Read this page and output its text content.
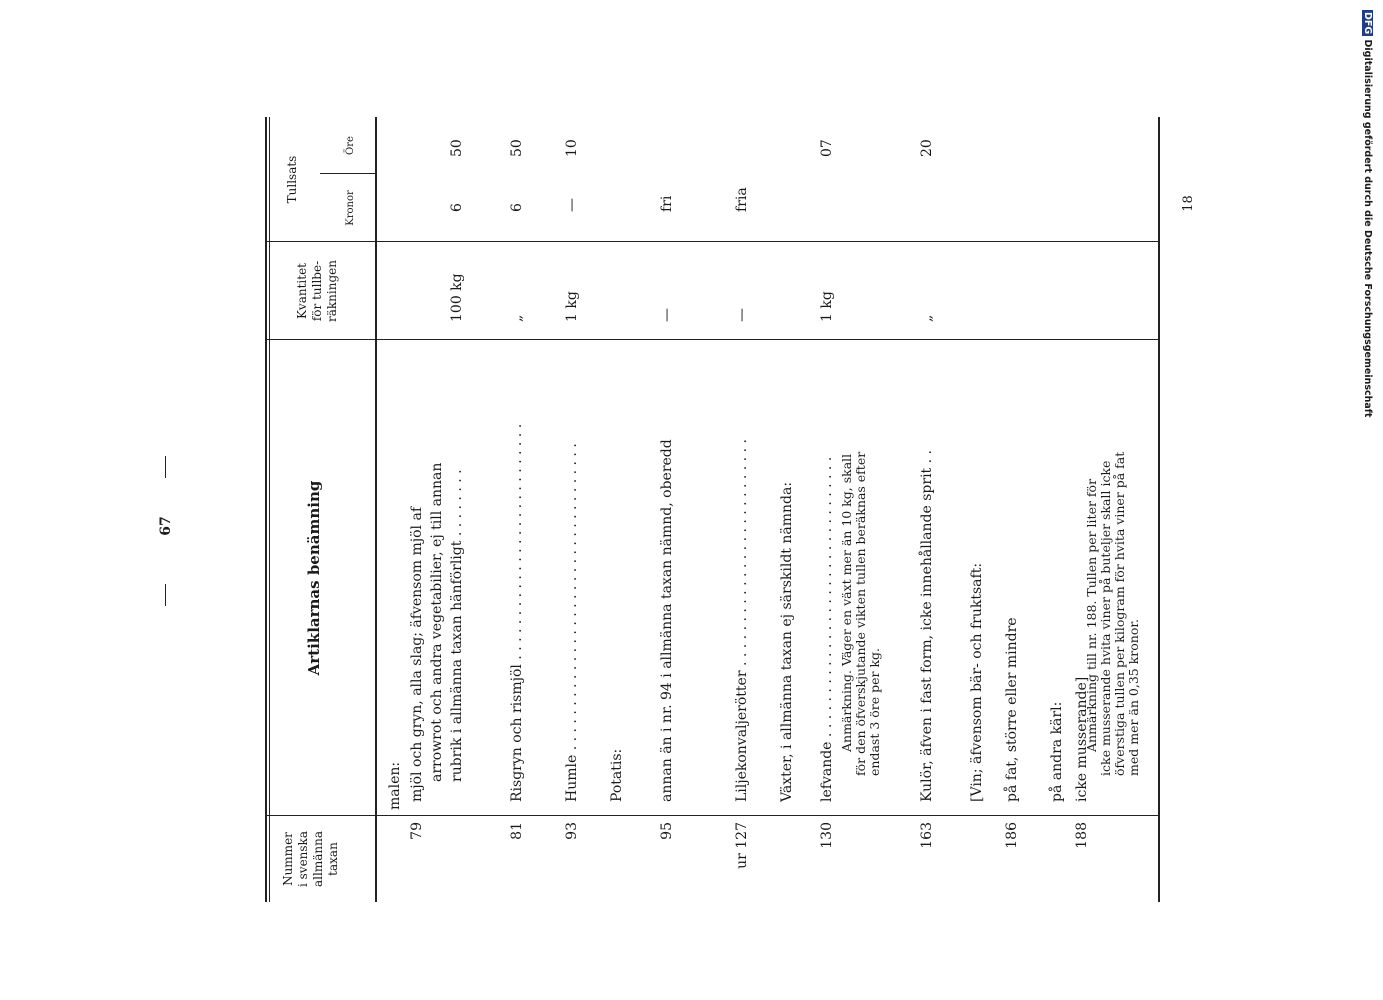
67
DFG Digitalisierung gefördert durch die Deutsche Forschungsgemeinschaft
18
Nummer i svenska allmänna taxan
Artiklarnas benämning
Kvantitet för tullbe- räkningen
Tullsats
Kronor
Öre
malen:
79
mjöl och gryn, alla slag; äfvensom mjöl af arrowrot och andra vegetabilier, ej till annan rubrik i allmänna taxan hänförligt . . . . . . . .
100 kg
6
50
81
Risgryn och rismjöl . . . . . . . . . . . . . . . . . . . . . . . . . . .
„
6
50
93
Humle . . . . . . . . . . . . . . . . . . . . . . . . . . . . . . . . . . .
1 kg
—
10
Potatis:
95
annan än i nr. 94 i allmänna taxan nämnd, oberedd
—
fri
ur 127
Liljekonvaljerötter . . . . . . . . . . . . . . . . . . . . . . . . . .
—
fria
Växter, i allmänna taxan ej särskildt nämnda:
130
lefvande . . . . . . . . . . . . . . . . . . . . . . . . . . . . . . . .
1 kg
07
Anmärkning. Väger en växt mer än 10 kg, skall för den öfverskjutande vikten tullen beräknas efter endast 3 öre per kg.
163
Kulör, äfven i fast form, icke innehållande sprit . .
„
20
[Vin; äfvensom bär- och fruktsaft:
186
på fat, större eller mindre på andra kärl:
188
icke musserande]
Anmärkning till nr. 188. Tullen per liter för icke musserande hvita viner på buteljer skall icke öfverstiga tullen per kilogram för hvita viner på fat med mer än 0,35 kronor.
